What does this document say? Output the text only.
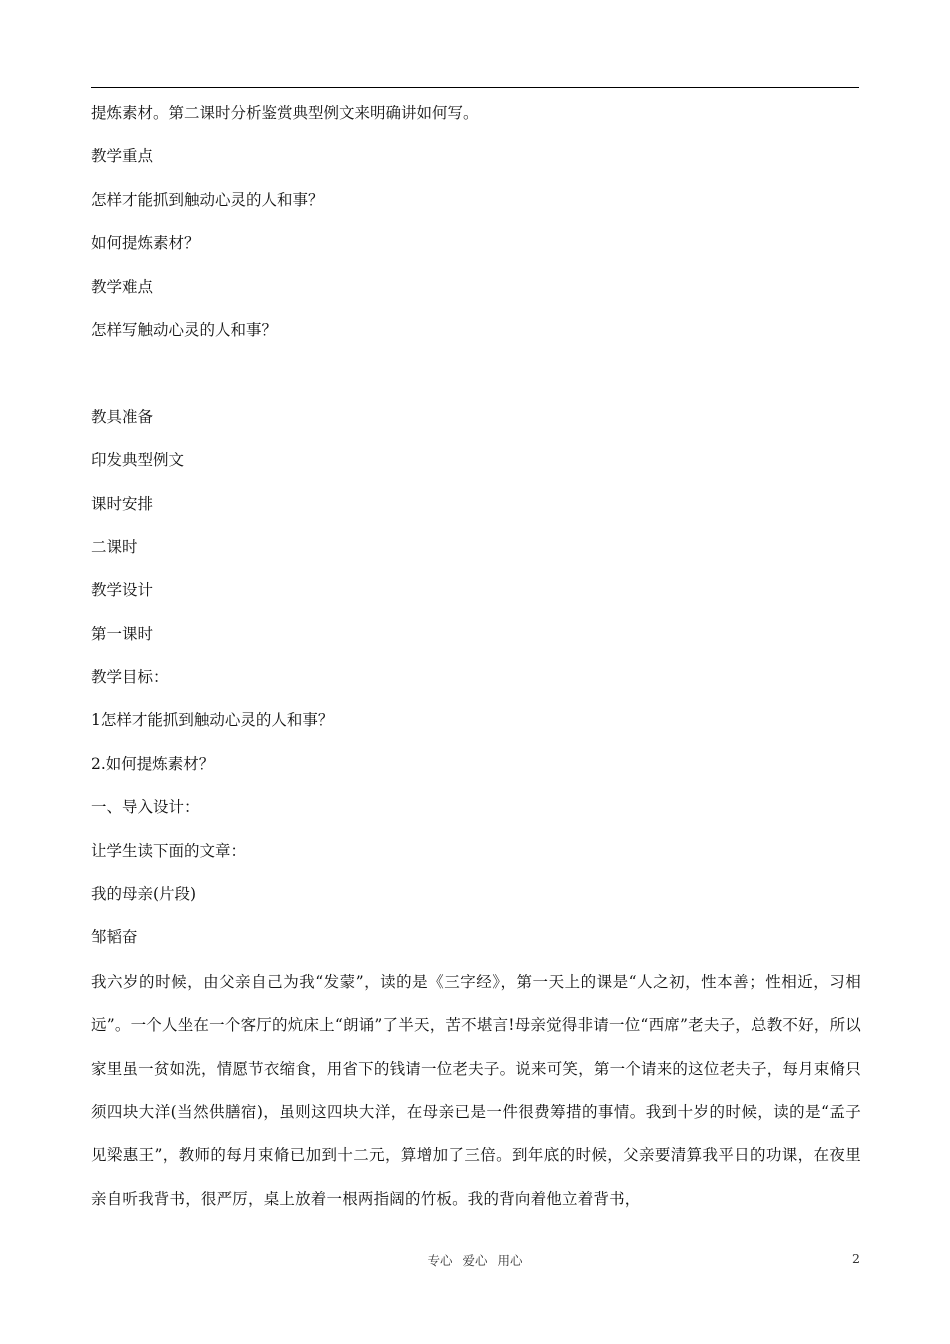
提炼素材。第二课时分析鉴赏典型例文来明确讲如何写。
教学重点
怎样才能抓到触动心灵的人和事？
如何提炼素材？
教学难点
怎样写触动心灵的人和事？
教具准备
印发典型例文
课时安排
二课时
教学设计
第一课时
教学目标：
1怎样才能抓到触动心灵的人和事？
2.如何提炼素材？
一、导入设计：
让学生读下面的文章：
我的母亲(片段)
邹韬奋
我六岁的时候，由父亲自己为我“发蒙”，读的是《三字经》，第一天上的课是“人之初，性本善；性相近，习相远”。一个人坐在一个客厅的炕床上“朗诵”了半天，苦不堪言!母亲觉得非请一位“西席”老夫子，总教不好，所以家里虽一贫如洗，情愿节衣缩食，用省下的钱请一位老夫子。说来可笑，第一个请来的这位老夫子，每月束脩只须四块大洋(当然供膳宿)，虽则这四块大洋，在母亲已是一件很费筹措的事情。我到十岁的时候，读的是“孟子见梁惠王”，教师的每月束脩已加到十二元，算增加了三倍。到年底的时候，父亲要清算我平日的功课，在夜里亲自听我背书，很严厉，桌上放着一根两指阔的竹板。我的背向着他立着背书，
专心 爱心 用心	2
